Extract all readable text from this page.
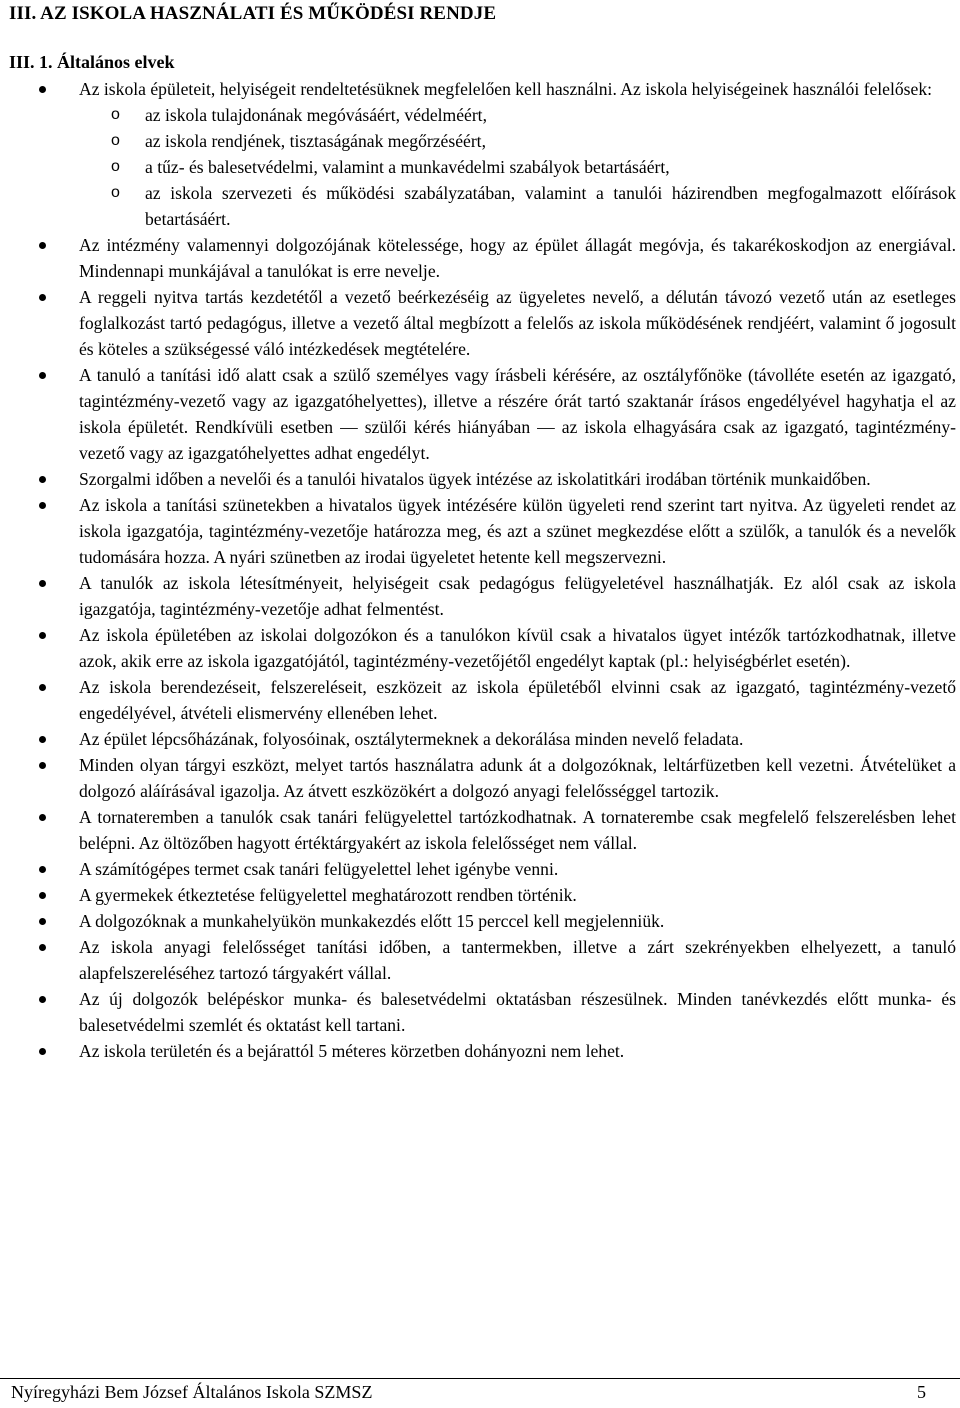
III. AZ ISKOLA HASZNÁLATI ÉS MŰKÖDÉSI RENDJE
III. 1. Általános elvek
Az iskola épületeit, helyiségeit rendeltetésüknek megfelelően kell használni. Az iskola helyiségeinek használói felelősek:
o az iskola tulajdonának megóvásáért, védelméért,
o az iskola rendjének, tisztaságának megőrzéséért,
o a tűz- és balesetvédelmi, valamint a munkavédelmi szabályok betartásáért,
o az iskola szervezeti és működési szabályzatában, valamint a tanulói házirendben megfogalmazott előírások betartásáért.
Az intézmény valamennyi dolgozójának kötelessége, hogy az épület állagát megóvja, és takarékoskodjon az energiával. Mindennapi munkájával a tanulókat is erre nevelje.
A reggeli nyitva tartás kezdetétől a vezető beérkezéséig az ügyeletes nevelő, a délután távozó vezető után az esetleges foglalkozást tartó pedagógus, illetve a vezető által megbízott a felelős az iskola működésének rendjéért, valamint ő jogosult és köteles a szükségessé váló intézkedések megtételére.
A tanuló a tanítási idő alatt csak a szülő személyes vagy írásbeli kérésére, az osztályfőnöke (távolléte esetén az igazgató, tagintézmény-vezető vagy az igazgatóhelyettes), illetve a részére órát tartó szaktanár írásos engedélyével hagyhatja el az iskola épületét. Rendkívüli esetben — szülői kérés hiányában — az iskola elhagyására csak az igazgató, tagintézmény-vezető vagy az igazgatóhelyettes adhat engedélyt.
Szorgalmi időben a nevelői és a tanulói hivatalos ügyek intézése az iskolatitkári irodában történik munkaidőben.
Az iskola a tanítási szünetekben a hivatalos ügyek intézésére külön ügyeleti rend szerint tart nyitva. Az ügyeleti rendet az iskola igazgatója, tagintézmény-vezetője határozza meg, és azt a szünet megkezdése előtt a szülők, a tanulók és a nevelők tudomására hozza. A nyári szünetben az irodai ügyeletet hetente kell megszervezni.
A tanulók az iskola létesítményeit, helyiségeit csak pedagógus felügyeletével használhatják. Ez alól csak az iskola igazgatója, tagintézmény-vezetője adhat felmentést.
Az iskola épületében az iskolai dolgozókon és a tanulókon kívül csak a hivatalos ügyet intézők tartózkodhatnak, illetve azok, akik erre az iskola igazgatójától, tagintézmény-vezetőjétől engedélyt kaptak (pl.: helyiségbérlet esetén).
Az iskola berendezéseit, felszereléseit, eszközeit az iskola épületéből elvinni csak az igazgató, tagintézmény-vezető engedélyével, átvételi elismervény ellenében lehet.
Az épület lépcsőházának, folyosóinak, osztálytermeknek a dekorálása minden nevelő feladata.
Minden olyan tárgyi eszközt, melyet tartós használatra adunk át a dolgozóknak, leltárfüzetben kell vezetni. Átvételüket a dolgozó aláírásával igazolja. Az átvett eszközökért a dolgozó anyagi felelősséggel tartozik.
A tornateremben a tanulók csak tanári felügyelettel tartózkodhatnak. A tornaterembe csak megfelelő felszerelésben lehet belépni. Az öltözőben hagyott értéktárgyakért az iskola felelősséget nem vállal.
A számítógépes termet csak tanári felügyelettel lehet igénybe venni.
A gyermekek étkeztetése felügyelettel meghatározott rendben történik.
A dolgozóknak a munkahelyükön munkakezdés előtt 15 perccel kell megjelenniük.
Az iskola anyagi felelősséget tanítási időben, a tantermekben, illetve a zárt szekrényekben elhelyezett, a tanuló alapfelszereléséhez tartozó tárgyakért vállal.
Az új dolgozók belépéskor munka- és balesetvédelmi oktatásban részesülnek. Minden tanévkezdés előtt munka- és balesetvédelmi szemlét és oktatást kell tartani.
Az iskola területén és a bejárattól 5 méteres körzetben dohányozni nem lehet.
Nyíregyházi Bem József Általános Iskola SZMSZ	5
